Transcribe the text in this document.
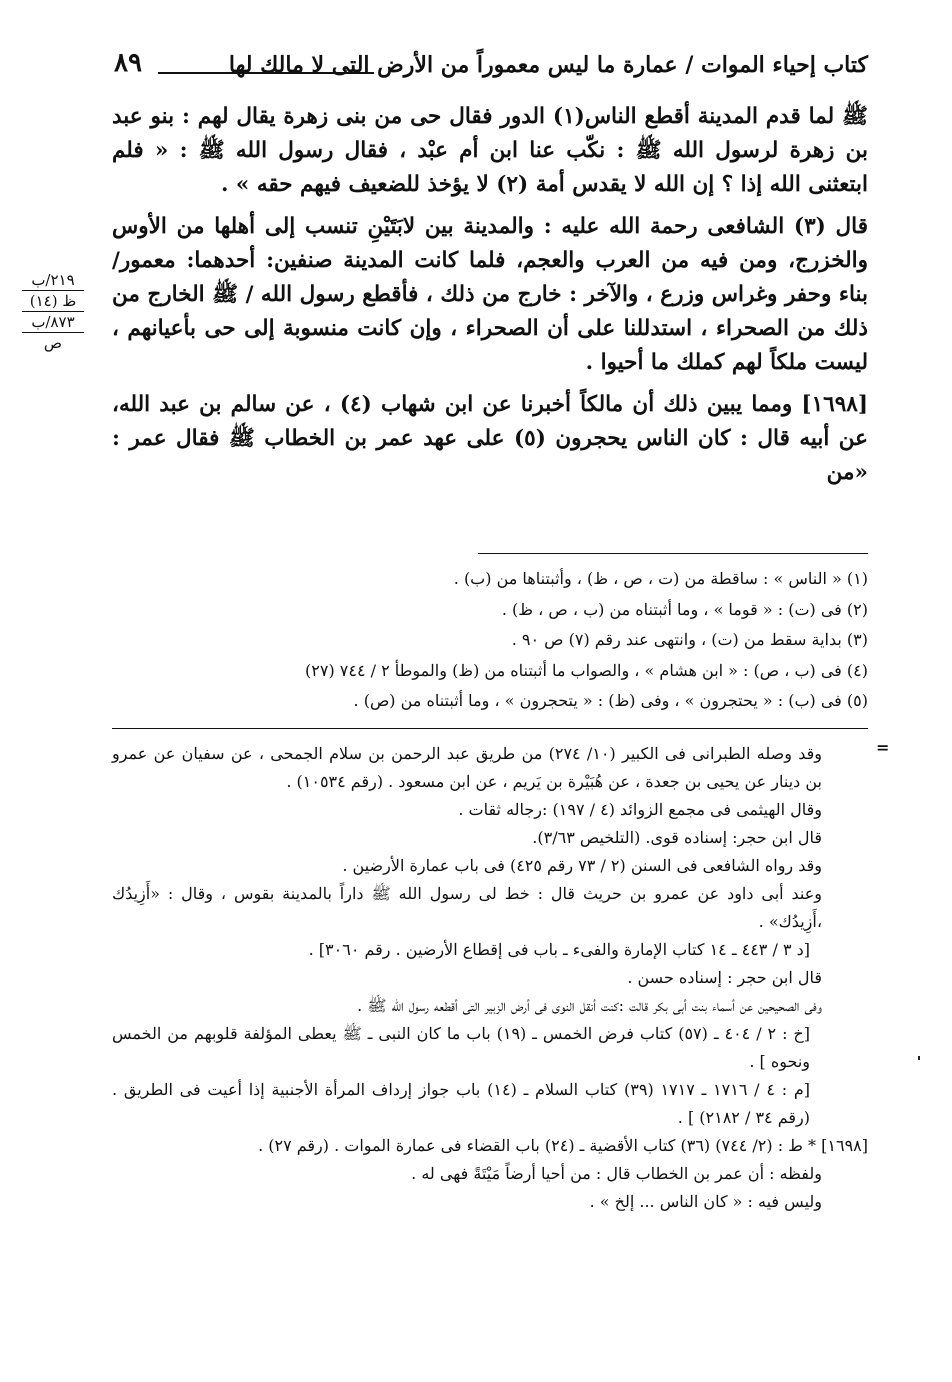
كتاب إحياء الموات / عمارة ما ليس معموراً من الأرض التى لا مالك لها
٨٩
٢١٩/ب
ظ (١٤)
٨٧٣/ب
ص

ﷺ لما قدم المدينة أقطع الناس(١) الدور فقال حى من بنى زهرة يقال لهم : بنو عبد بن زهرة لرسول الله ﷺ : نكّب عنا ابن أم عبْد ، فقال رسول الله ﷺ : « فلم ابتعثنى الله إذا ؟ إن الله لا يقدس أمة (٢) لا يؤخذ للضعيف فيهم حقه » .

قال (٣) الشافعى رحمة الله عليه : والمدينة بين لابَتَيْنِ تنسب إلى أهلها من الأوس والخزرج، ومن فيه من العرب والعجم، فلما كانت المدينة صنفين: أحدهما: معمور/ بناء وحفر وغراس وزرع ، والآخر : خارج من ذلك ، فأقطع رسول الله / ﷺ الخارج من ذلك من الصحراء ، استدللنا على أن الصحراء ، وإن كانت منسوبة إلى حى بأعيانهم ، ليست ملكاً لهم كملك ما أحيوا .

[١٦٩٨] ومما يبين ذلك أن مالكاً أخبرنا عن ابن شهاب (٤) ، عن سالم بن عبد الله، عن أبيه قال : كان الناس يحجرون (٥) على عهد عمر بن الخطاب ﷺ فقال عمر : «من

(١) « الناس » : ساقطة من (ت ، ص ، ظ) ، وأثبتناها من (ب) .
(٢) فى (ت) : « قوما » ، وما أثبتناه من (ب ، ص ، ظ) .
(٣) بداية سقط من (ت) ، وانتهى عند رقم (٧) ص ٩٠ .
(٤) فى (ب ، ص) : « ابن هشام » ، والصواب ما أثبتناه من (ظ) والموطأ ٢ / ٧٤٤ (٢٧)
(٥) فى (ب) : « يحتجرون » ، وفى (ظ) : « يتحجرون » ، وما أثبتناه من (ص) .
=

وقد وصله الطبرانى فى الكبير (١٠/ ٢٧٤) من طريق عبد الرحمن بن سلام الجمحى ، عن سفيان عن عمرو بن دينار عن يحيى بن جعدة ، عن هُبَيْرة بن يَريم ، عن ابن مسعود . (رقم ١٠٥٣٤) .

وقال الهيثمى فى مجمع الزوائد (٤ / ١٩٧) :رجاله ثقات .

قال ابن حجر: إسناده قوى. (التلخيص ٣/٦٣).

وقد رواه الشافعى فى السنن (٢ / ٧٣ رقم ٤٢٥) فى باب عمارة الأرضين .

وعند أبى داود عن عمرو بن حريث قال : خط لى رسول الله ﷺ داراً بالمدينة بقوس ، وقال : «أَزِيدُك ،أَزِيدُك» .

[د ٣ / ٤٤٣ ـ ١٤ كتاب الإمارة والفىء ـ باب فى إقطاع الأرضين . رقم ٣٠٦٠] .

قال ابن حجر : إسناده حسن .

وفى الصحيحين عن أسماء بنت أبى بكر قالت :كنت أنقل النوى فى أرض الزبير التى أقطعه رسول الله ﷺ .

[خ : ٢ / ٤٠٤ ـ (٥٧) كتاب فرض الخمس ـ (١٩) باب ما كان النبى ـ ﷺ يعطى المؤلفة قلوبهم من الخمس ونحوه ] .

[م : ٤ / ١٧١٦ ـ ١٧١٧ (٣٩) كتاب السلام ـ (١٤) باب جواز إرداف المرأة الأجنبية إذا أعيت فى الطريق . (رقم ٣٤ / ٢١٨٢) ] .

[١٦٩٨] * ط : (٢/ ٧٤٤) (٣٦) كتاب الأقضية ـ (٢٤) باب القضاء فى عمارة الموات . (رقم ٢٧) .

ولفظه : أن عمر بن الخطاب قال : من أحيا أرضاً مَيْتَةً فهى له .

وليس فيه : « كان الناس ... إلخ » .
